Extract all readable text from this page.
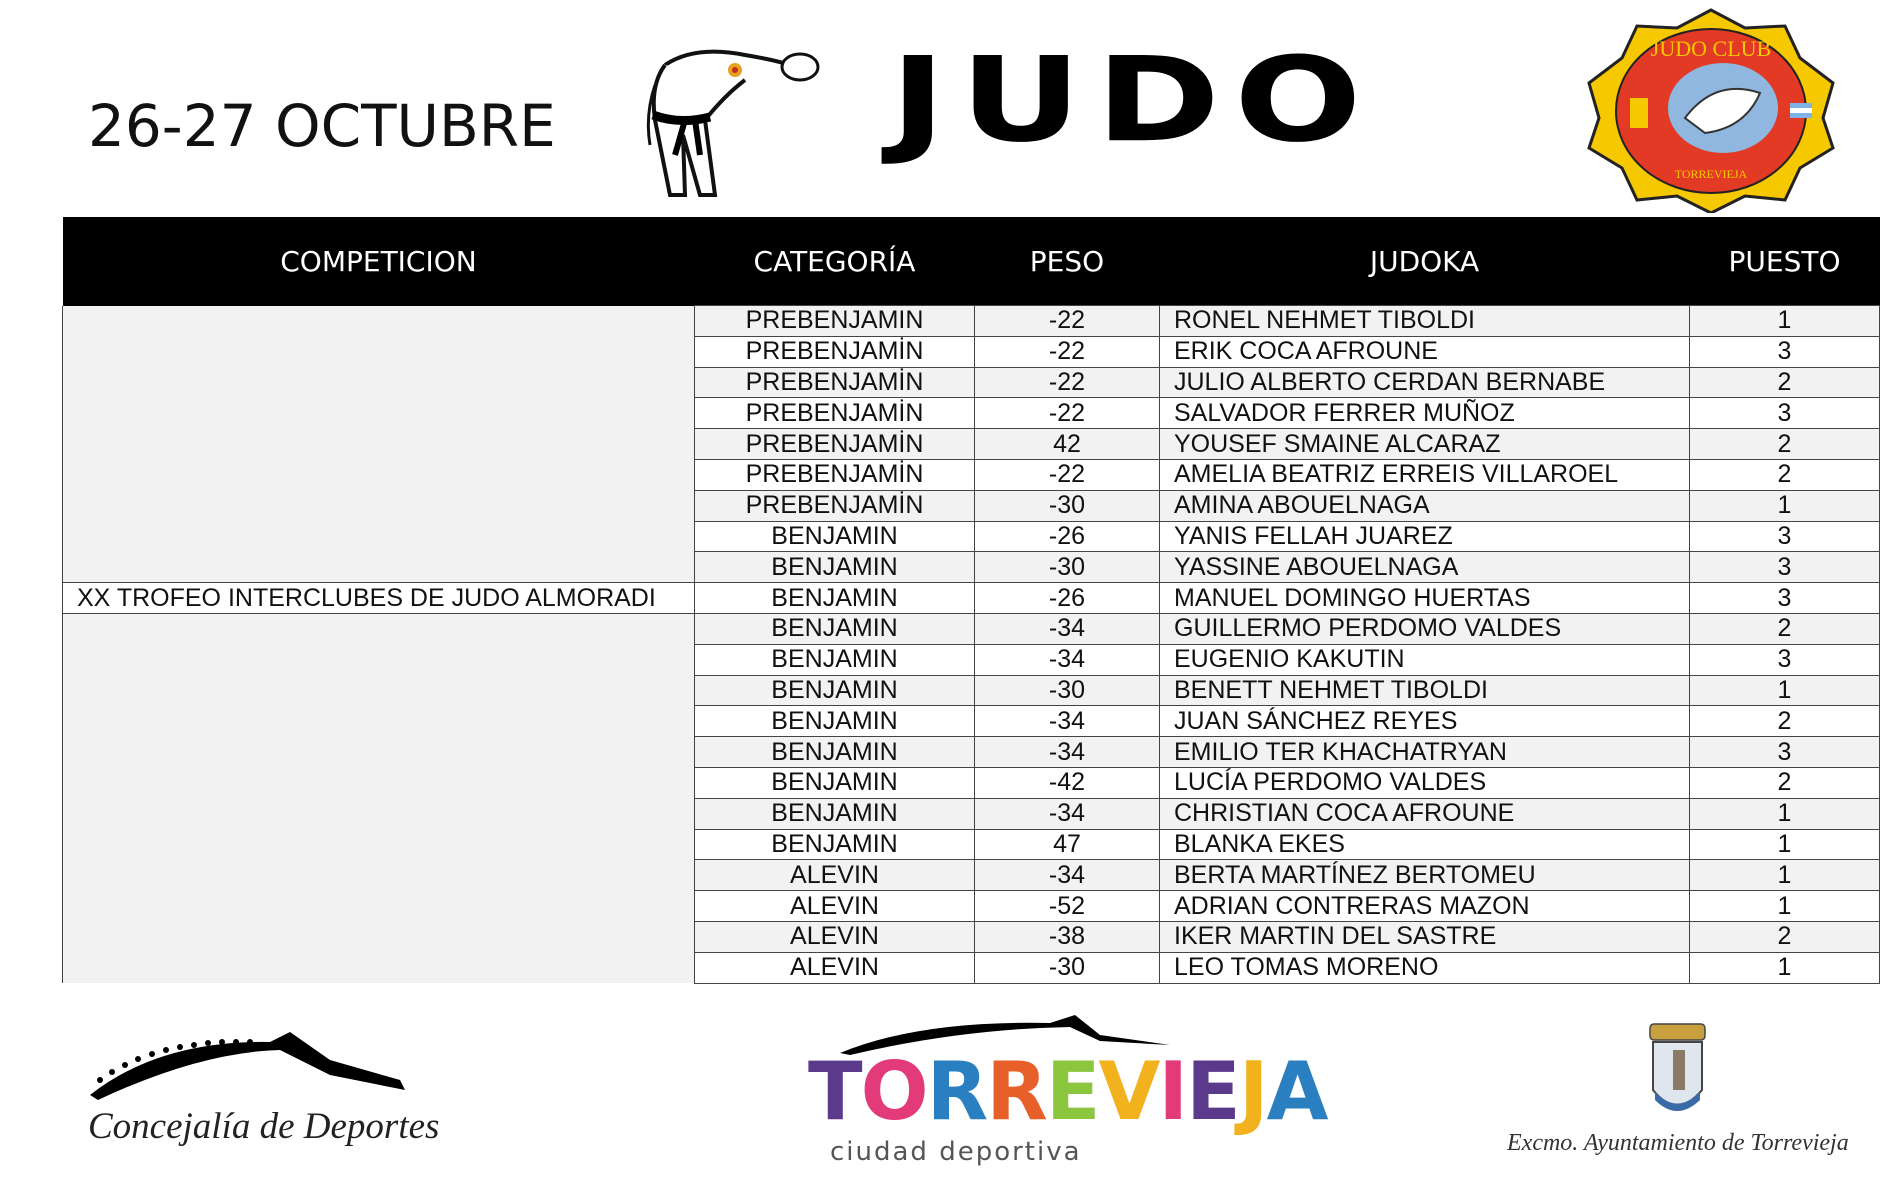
26-27 OCTUBRE JUDO	JUDO CLUB
TORREVIEJA
COMPETICION	CATEGORÍA	PESO	JUDOKA	PUESTO
	PREBENJAMIN	-22	RONEL NEHMET TIBOLDI	1
	PREBENJAMİN	-22	ERIK COCA AFROUNE	3
	PREBENJAMİN	-22	JULIO ALBERTO CERDAN BERNABE	2
	PREBENJAMİN	-22	SALVADOR FERRER MUÑOZ	3
	PREBENJAMİN	42	YOUSEF SMAINE ALCARAZ	2
	PREBENJAMİN	-22	AMELIA BEATRIZ ERREIS VILLAROEL	2
	PREBENJAMİN	-30	AMINA ABOUELNAGA	1
	BENJAMIN	-26	YANIS FELLAH JUAREZ	3
	BENJAMIN	-30	YASSINE ABOUELNAGA	3
XX TROFEO INTERCLUBES DE JUDO ALMORADI	BENJAMIN	-26	MANUEL DOMINGO HUERTAS	3
	BENJAMIN	-34	GUILLERMO PERDOMO VALDES	2
	BENJAMIN	-34	EUGENIO KAKUTIN	3
	BENJAMIN	-30	BENETT NEHMET TIBOLDI	1
	BENJAMIN	-34	JUAN SÁNCHEZ REYES	2
	BENJAMIN	-34	EMILIO TER KHACHATRYAN	3
	BENJAMIN	-42	LUCÍA PERDOMO VALDES	2
	BENJAMIN	-34	CHRISTIAN COCA AFROUNE	1
	BENJAMIN	47	BLANKA EKES	1
	ALEVIN	-34	BERTA MARTÍNEZ BERTOMEU	1
	ALEVIN	-52	ADRIAN CONTRERAS MAZON	1
	ALEVIN	-38	IKER MARTIN DEL SASTRE	2
	ALEVIN	-30	LEO TOMAS MORENO	1
Concejalía de Deportes	TORREVIEJA
ciudad deportiva	Excmo. Ayuntamiento de Torrevieja
